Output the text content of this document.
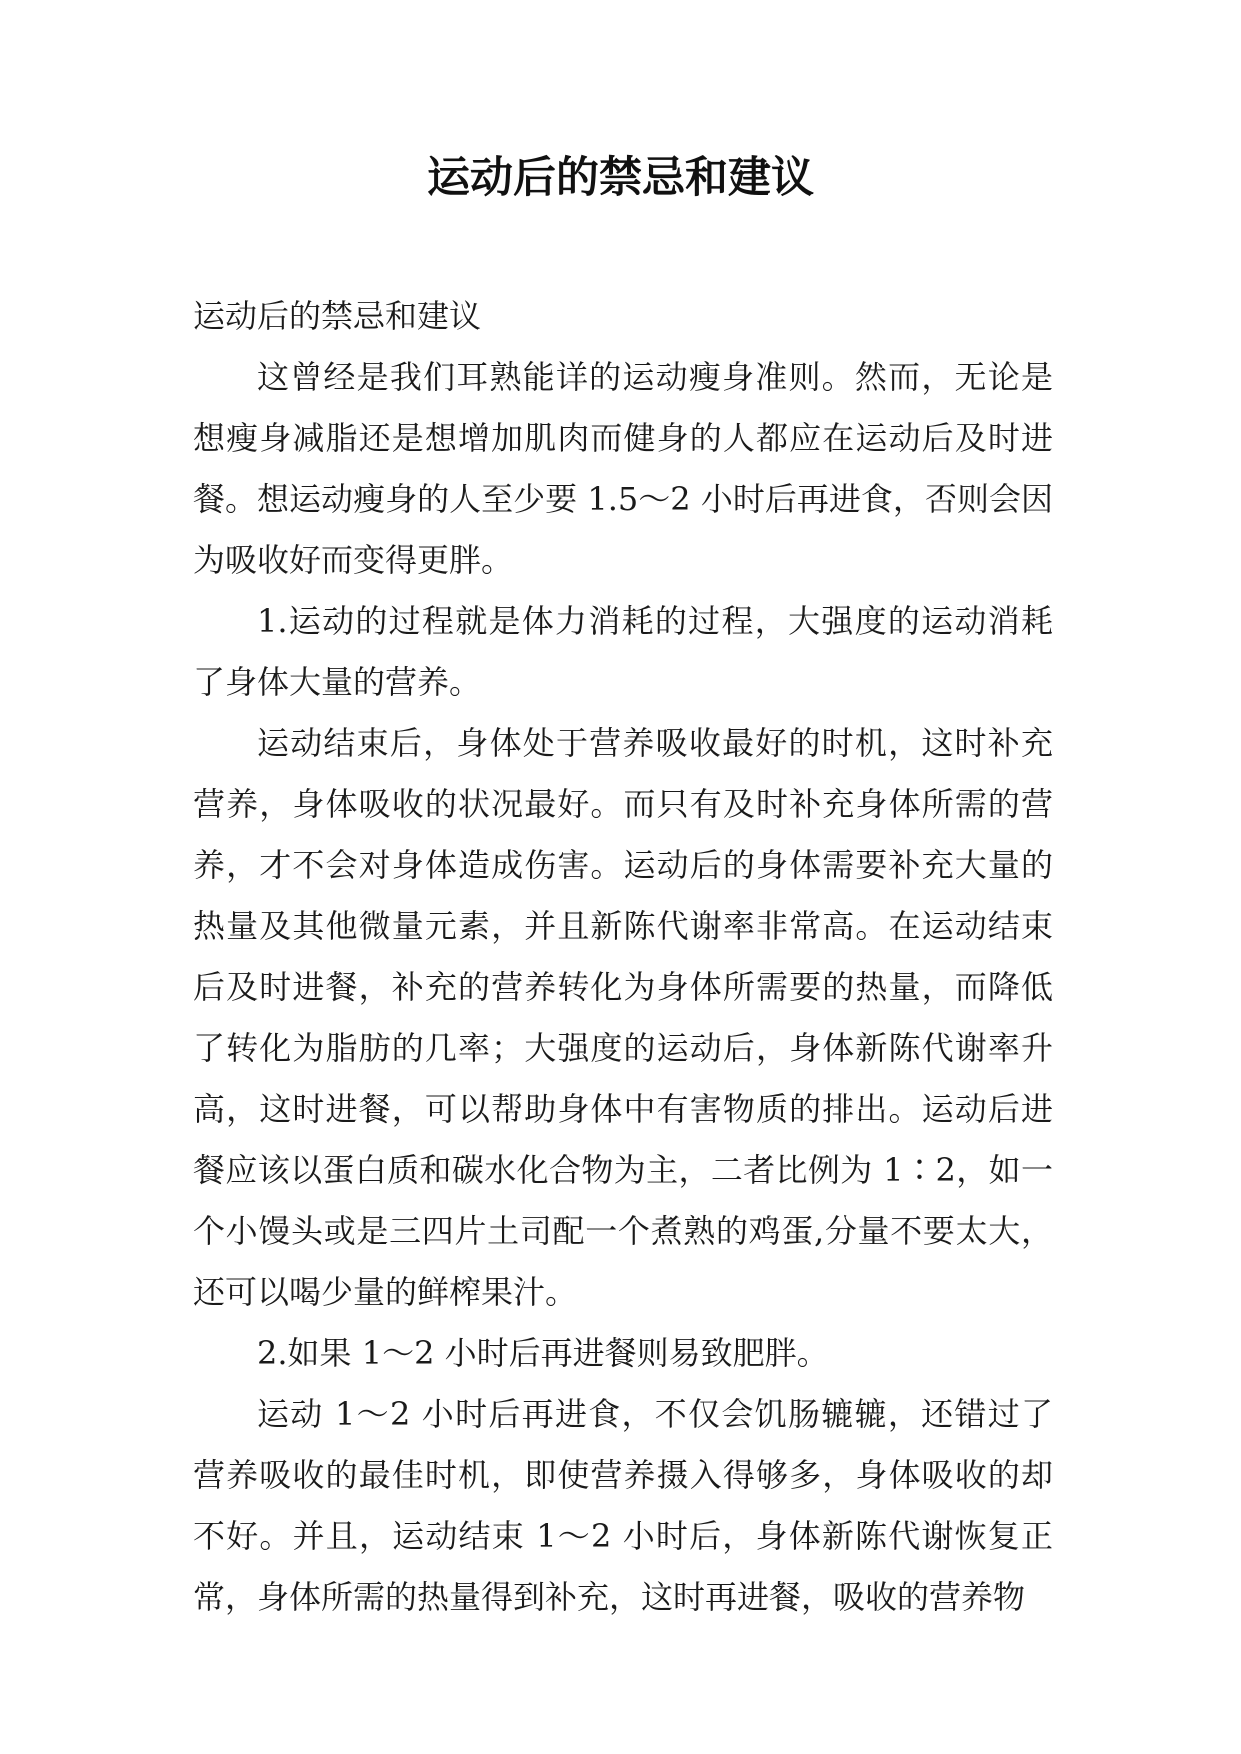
运动后的禁忌和建议

运动后的禁忌和建议

这曾经是我们耳熟能详的运动瘦身准则。然而，无论是想瘦身减脂还是想增加肌肉而健身的人都应在运动后及时进餐。想运动瘦身的人至少要 1.5～2 小时后再进食，否则会因为吸收好而变得更胖。

1.运动的过程就是体力消耗的过程，大强度的运动消耗了身体大量的营养。

运动结束后，身体处于营养吸收最好的时机，这时补充营养，身体吸收的状况最好。而只有及时补充身体所需的营养，才不会对身体造成伤害。运动后的身体需要补充大量的热量及其他微量元素，并且新陈代谢率非常高。在运动结束后及时进餐，补充的营养转化为身体所需要的热量，而降低了转化为脂肪的几率；大强度的运动后，身体新陈代谢率升高，这时进餐，可以帮助身体中有害物质的排出。运动后进餐应该以蛋白质和碳水化合物为主，二者比例为 1∶2，如一个小馒头或是三四片土司配一个煮熟的鸡蛋,分量不要太大，还可以喝少量的鲜榨果汁。

2.如果 1～2 小时后再进餐则易致肥胖。

运动 1～2 小时后再进食，不仅会饥肠辘辘，还错过了营养吸收的最佳时机，即使营养摄入得够多，身体吸收的却不好。并且，运动结束 1～2 小时后，身体新陈代谢恢复正常，身体所需的热量得到补充，这时再进餐，吸收的营养物
